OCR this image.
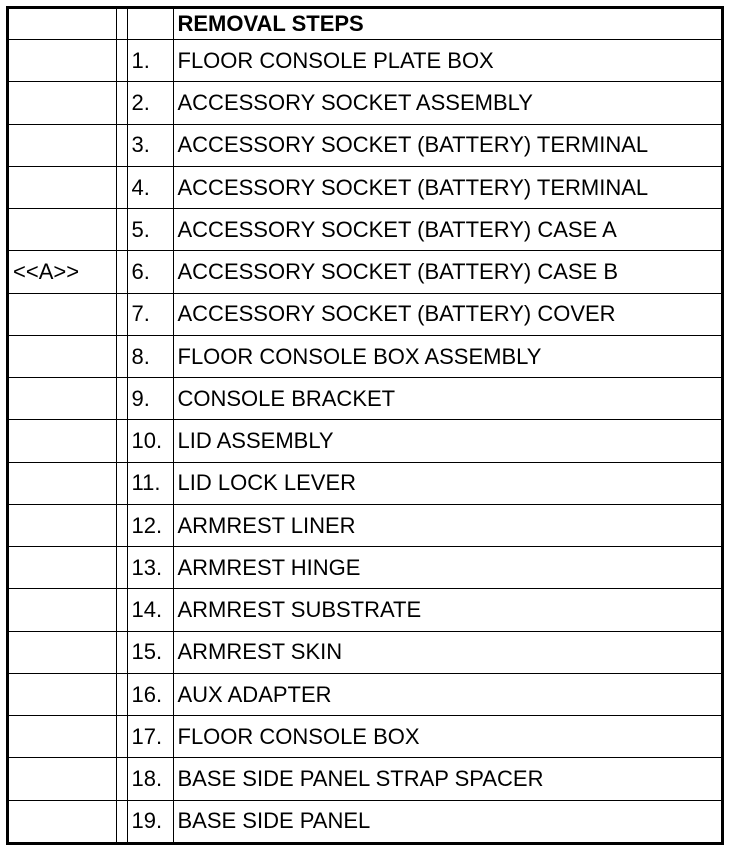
			REMOVAL STEPS
		1.	FLOOR CONSOLE PLATE BOX
		2.	ACCESSORY SOCKET ASSEMBLY
		3.	ACCESSORY SOCKET (BATTERY) TERMINAL
		4.	ACCESSORY SOCKET (BATTERY) TERMINAL
		5.	ACCESSORY SOCKET (BATTERY) CASE A
<<A>>		6.	ACCESSORY SOCKET (BATTERY) CASE B
		7.	ACCESSORY SOCKET (BATTERY) COVER
		8.	FLOOR CONSOLE BOX ASSEMBLY
		9.	CONSOLE BRACKET
		10.	LID ASSEMBLY
		11.	LID LOCK LEVER
		12.	ARMREST LINER
		13.	ARMREST HINGE
		14.	ARMREST SUBSTRATE
		15.	ARMREST SKIN
		16.	AUX ADAPTER
		17.	FLOOR CONSOLE BOX
		18.	BASE SIDE PANEL STRAP SPACER
		19.	BASE SIDE PANEL
